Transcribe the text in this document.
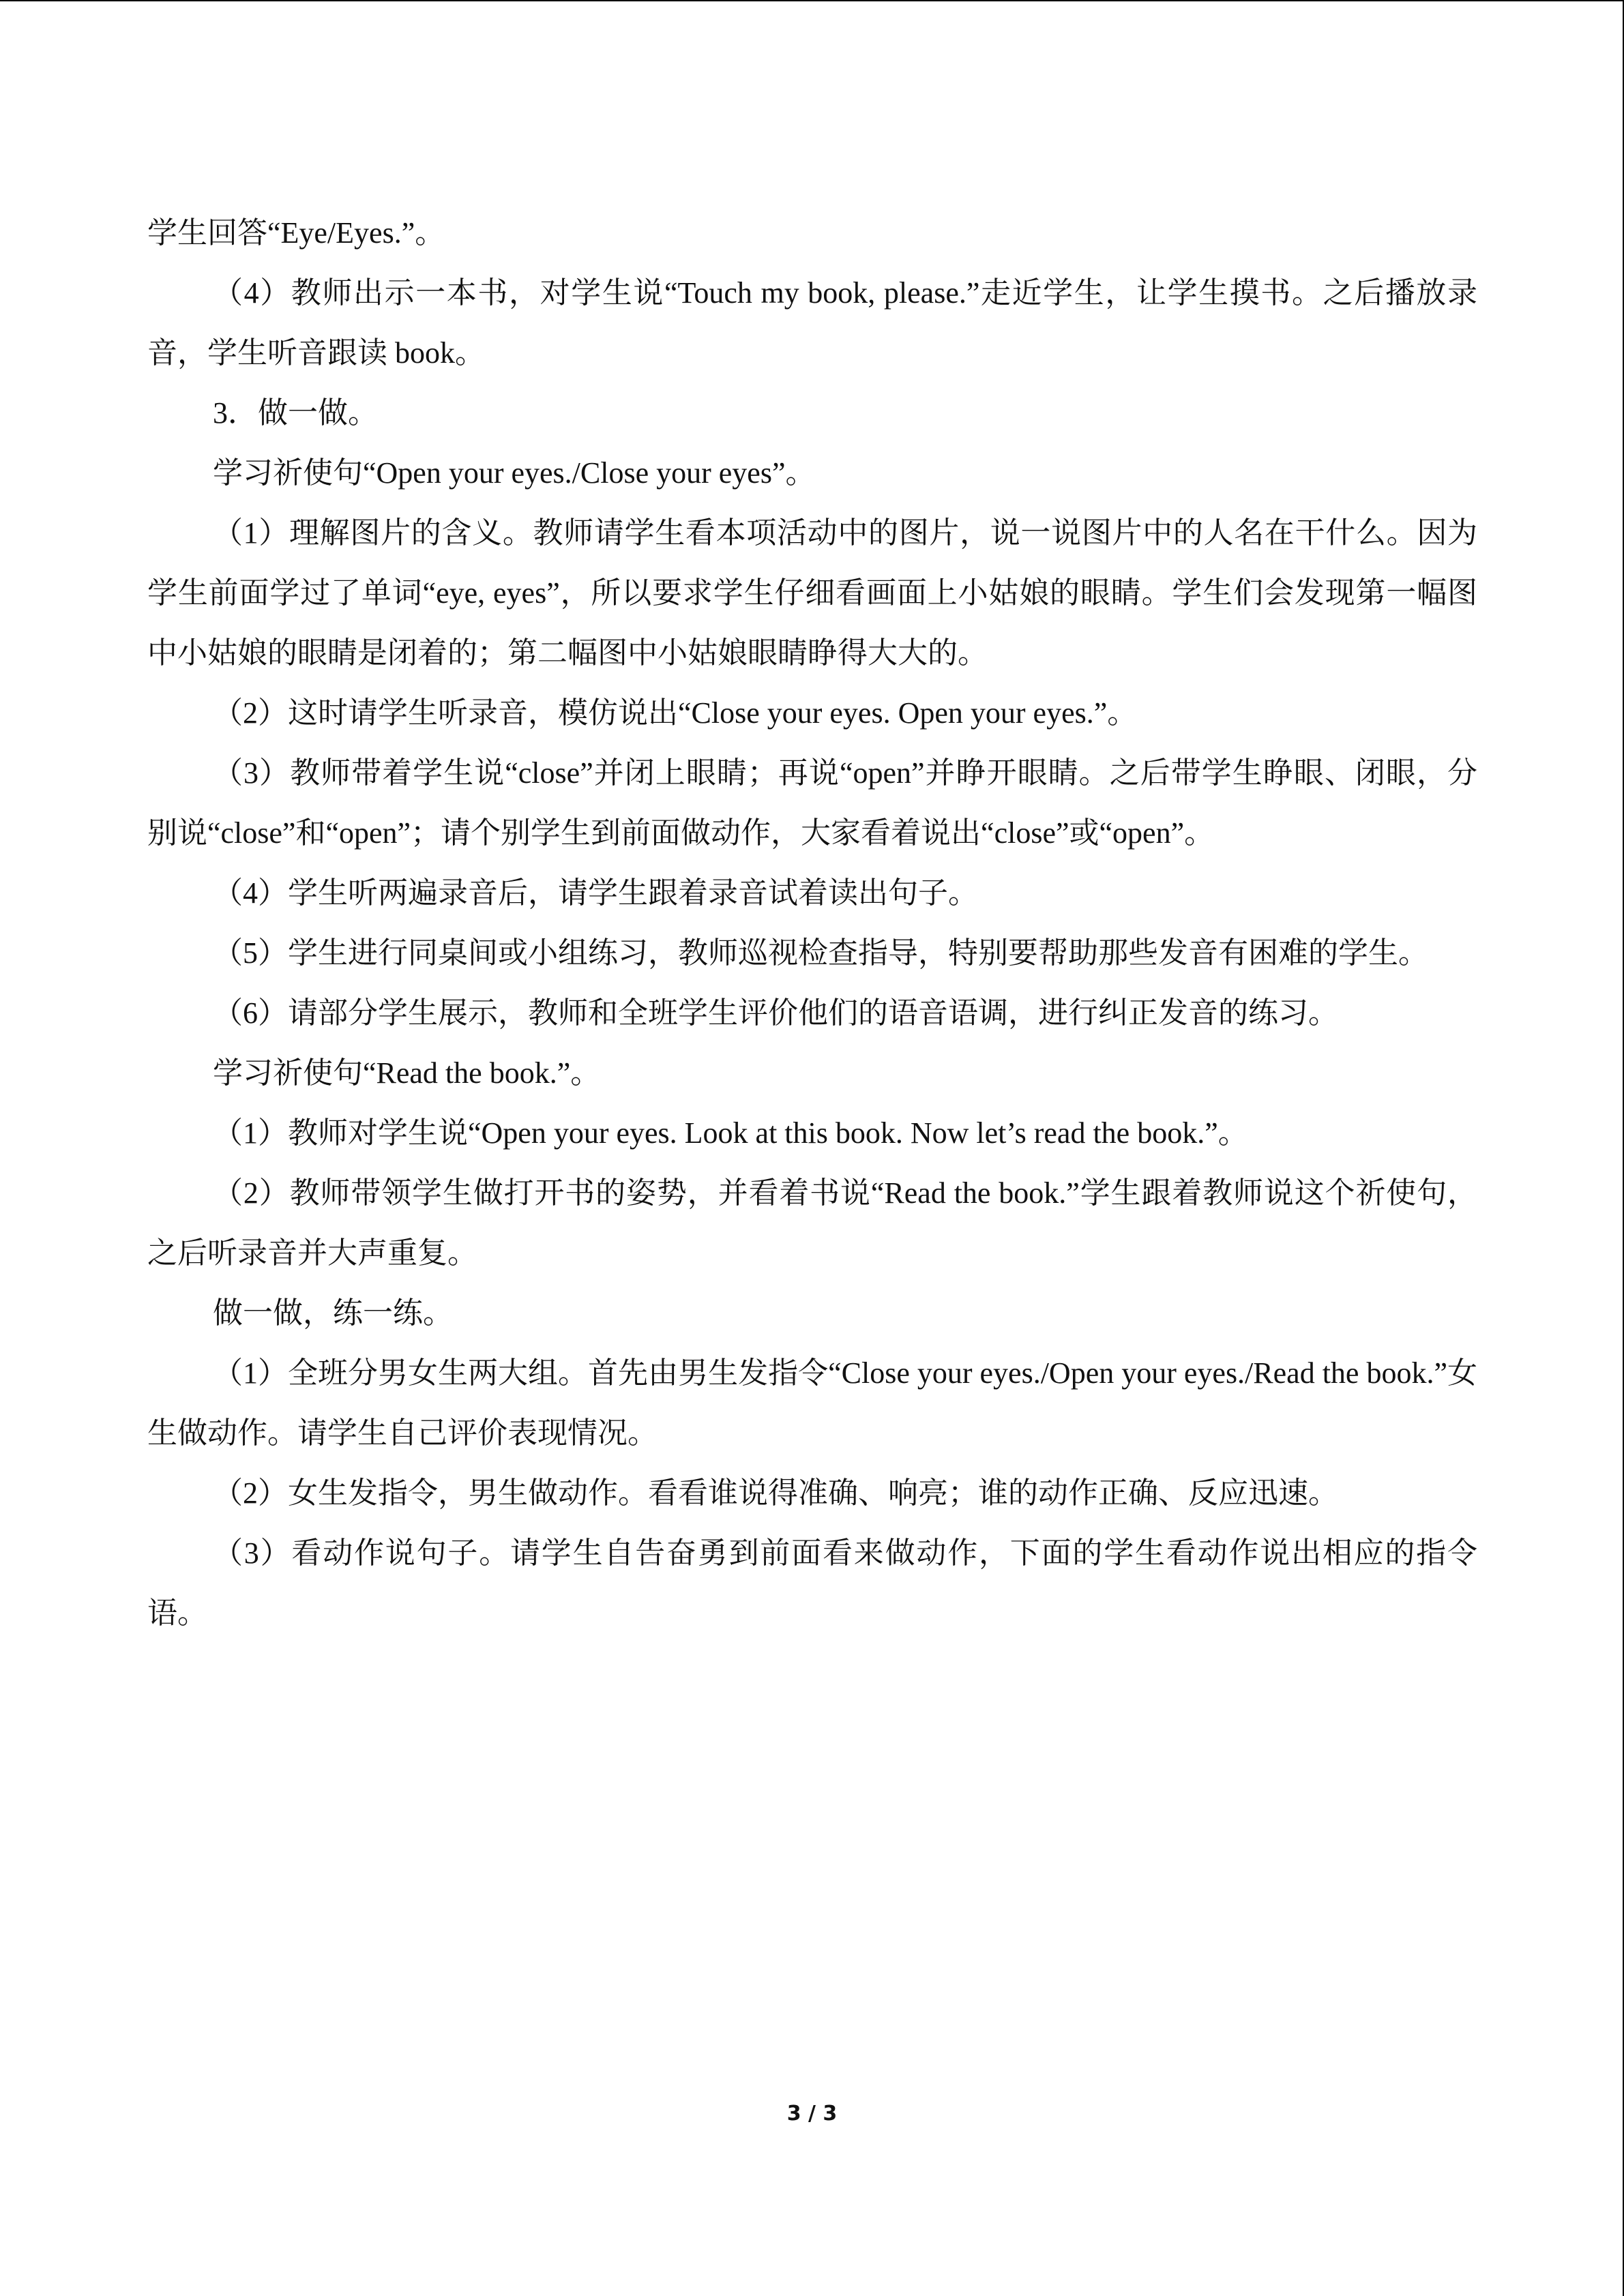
学生回答“Eye/Eyes.”。

（4）教师出示一本书，对学生说“Touch my book, please.”走近学生，让学生摸书。之后播放录音，学生听音跟读 book。

3．做一做。

学习祈使句“Open your eyes./Close your eyes”。

（1）理解图片的含义。教师请学生看本项活动中的图片，说一说图片中的人名在干什么。因为学生前面学过了单词“eye, eyes”，所以要求学生仔细看画面上小姑娘的眼睛。学生们会发现第一幅图中小姑娘的眼睛是闭着的；第二幅图中小姑娘眼睛睁得大大的。

（2）这时请学生听录音，模仿说出“Close your eyes. Open your eyes.”。

（3）教师带着学生说“close”并闭上眼睛；再说“open”并睁开眼睛。之后带学生睁眼、闭眼，分别说“close”和“open”；请个别学生到前面做动作，大家看着说出“close”或“open”。

（4）学生听两遍录音后，请学生跟着录音试着读出句子。

（5）学生进行同桌间或小组练习，教师巡视检查指导，特别要帮助那些发音有困难的学生。

（6）请部分学生展示，教师和全班学生评价他们的语音语调，进行纠正发音的练习。

学习祈使句“Read the book.”。

（1）教师对学生说“Open your eyes. Look at this book. Now let’s read the book.”。

（2）教师带领学生做打开书的姿势，并看着书说“Read the book.”学生跟着教师说这个祈使句，之后听录音并大声重复。

做一做，练一练。

（1）全班分男女生两大组。首先由男生发指令“Close your eyes./Open your eyes./Read the book.”女生做动作。请学生自己评价表现情况。

（2）女生发指令，男生做动作。看看谁说得准确、响亮；谁的动作正确、反应迅速。

（3）看动作说句子。请学生自告奋勇到前面看来做动作，下面的学生看动作说出相应的指令语。

3 / 3
